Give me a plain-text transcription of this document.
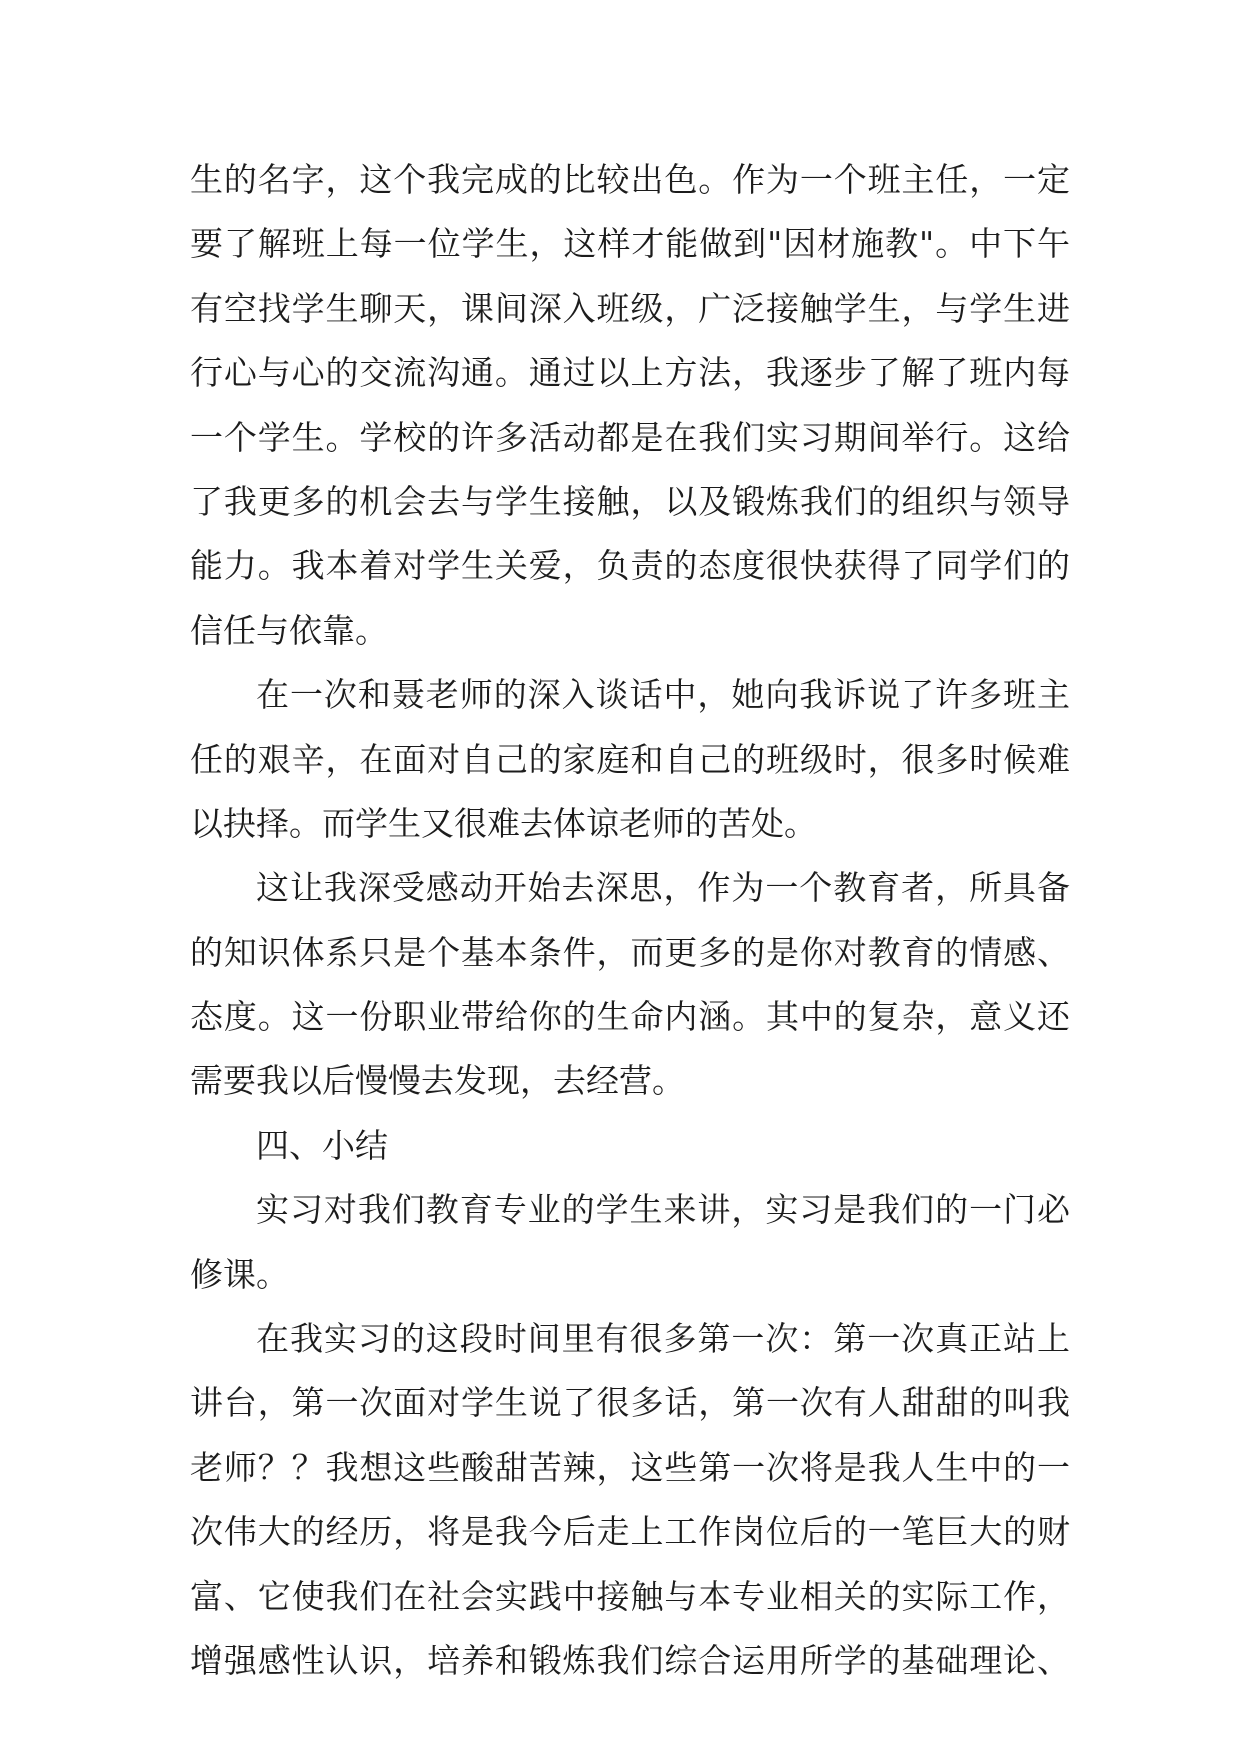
生的名字，这个我完成的比较出色。作为一个班主任，一定
要了解班上每一位学生，这样才能做到"因材施教"。中下午
有空找学生聊天，课间深入班级，广泛接触学生，与学生进
行心与心的交流沟通。通过以上方法，我逐步了解了班内每
一个学生。学校的许多活动都是在我们实习期间举行。这给
了我更多的机会去与学生接触，以及锻炼我们的组织与领导
能力。我本着对学生关爱，负责的态度很快获得了同学们的
信任与依靠。
在一次和聂老师的深入谈话中，她向我诉说了许多班主
任的艰辛，在面对自己的家庭和自己的班级时，很多时候难
以抉择。而学生又很难去体谅老师的苦处。
这让我深受感动开始去深思，作为一个教育者，所具备
的知识体系只是个基本条件，而更多的是你对教育的情感、
态度。这一份职业带给你的生命内涵。其中的复杂，意义还
需要我以后慢慢去发现，去经营。
四、小结
实习对我们教育专业的学生来讲，实习是我们的一门必
修课。
在我实习的这段时间里有很多第一次：第一次真正站上
讲台，第一次面对学生说了很多话，第一次有人甜甜的叫我
老师？？我想这些酸甜苦辣，这些第一次将是我人生中的一
次伟大的经历，将是我今后走上工作岗位后的一笔巨大的财
富、它使我们在社会实践中接触与本专业相关的实际工作，
增强感性认识，培养和锻炼我们综合运用所学的基础理论、
